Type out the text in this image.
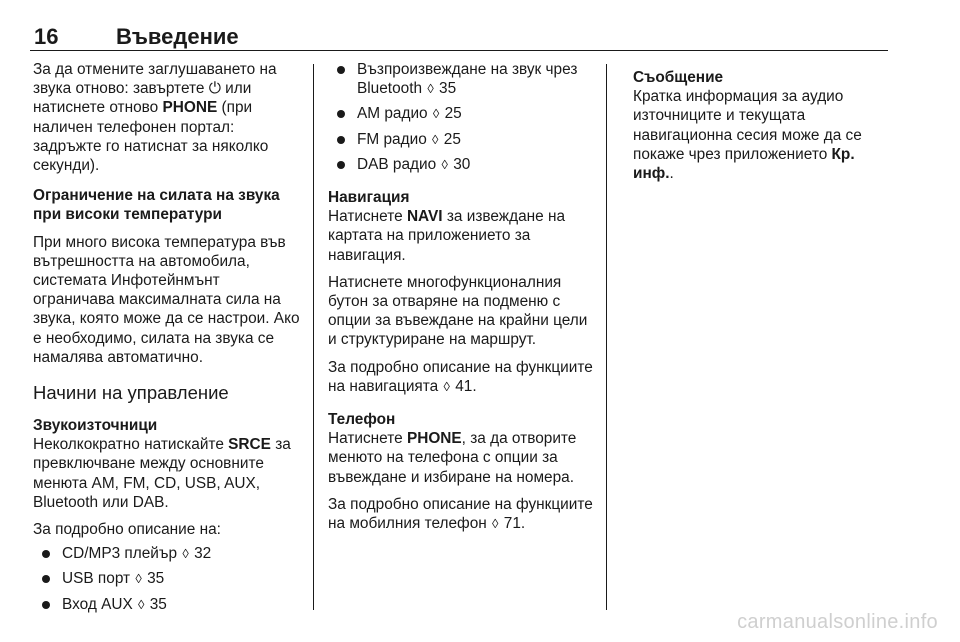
16	Въведение

За да отмените заглушаването на звука отново: завъртете ⏻ или натиснете отново PHONE (при наличен телефонен портал: задръжте го натиснат за няколко секунди).

Ограничение на силата на звука при високи температури

При много висока температура във вътрешността на автомобила, системата Инфотейнмънт ограничава максималната сила на звука, която може да се настрои. Ако е необходимо, силата на звука се намалява автоматично.

Начини на управление

Звукоизточници

Неколкократно натискайте SRCE за превключване между основните менюта AM, FM, CD, USB, AUX, Bluetooth или DAB.

За подробно описание на:

CD/MP3 плейър ◊ 32
USB порт ◊ 35
Вход AUX ◊ 35
Възпроизвеждане на звук чрез Bluetooth ◊ 35
AM радио ◊ 25
FM радио ◊ 25
DAB радио ◊ 30

Навигация

Натиснете NAVI за извеждане на картата на приложението за навигация.

Натиснете многофункционалния бутон за отваряне на подменю с опции за въвеждане на крайни цели и структуриране на маршрут.

За подробно описание на функциите на навигацията ◊ 41.

Телефон

Натиснете PHONE, за да отворите менюто на телефона с опции за въвеждане и избиране на номера.

За подробно описание на функциите на мобилния телефон ◊ 71.

Съобщение

Кратка информация за аудио източниците и текущата навигационна сесия може да се покаже чрез приложението Кр. инф..

carmanualsonline.info
